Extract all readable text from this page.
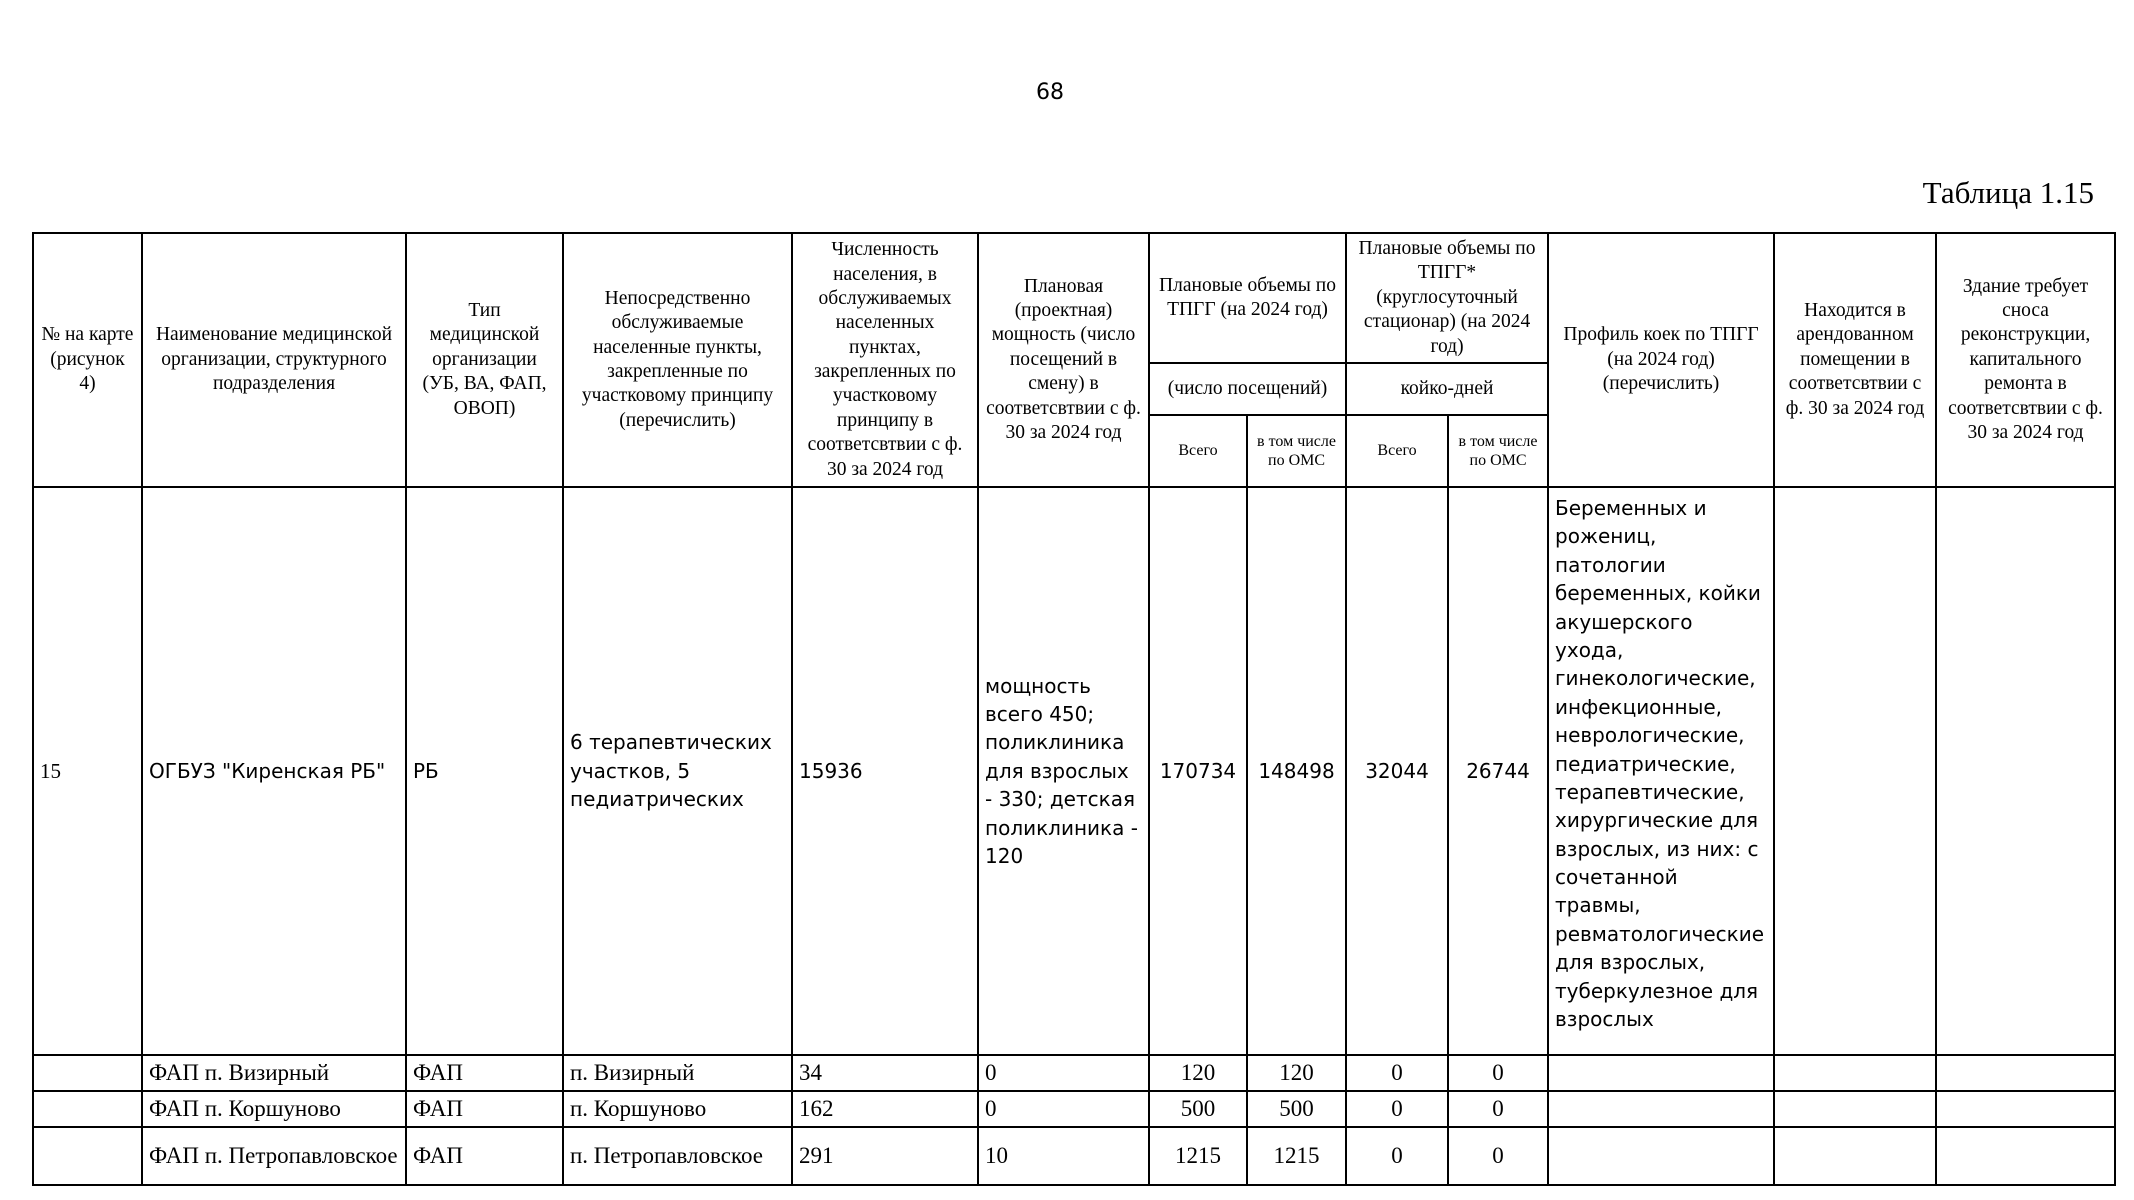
68
Таблица 1.15
№ на карте (рисунок 4)	Наименование медицинской организации, структурного подразделения	Тип медицинской организации (УБ, ВА, ФАП, ОВОП)	Непосредственно обслуживаемые населенные пункты, закрепленные по участковому принципу (перечислить)	Численность населения, в обслуживаемых населенных пунктах, закрепленных по участковому принципу в соответсвтвии с ф. 30 за 2024 год	Плановая (проектная) мощность (число посещений в смену) в соответсвтвии с ф. 30 за 2024 год	Плановые объемы по ТПГГ (на 2024 год)		Плановые объемы по ТПГГ* (круглосуточный стационар) (на 2024 год)		Профиль коек по ТПГГ (на 2024 год) (перечислить)	Находится в арендованном помещении в соответсвтвии с ф. 30 за 2024 год	Здание требует сноса реконструкции, капитального ремонта в соответсвтвии с ф. 30 за 2024 год
						(число посещений)		койко-дней				
						Всего	в том числе по ОМС	Всего	в том числе по ОМС			
15	ОГБУЗ "Киренская РБ"	РБ	6 терапевтических участков, 5 педиатрических	15936	мощность всего 450; поликлиника для взрослых - 330; детская поликлиника - 120	170734	148498	32044	26744	Беременных и рожениц, патологии беременных, койки акушерского ухода, гинекологические, инфекционные, неврологические, педиатрические, терапевтические, хирургические для взрослых, из них: с сочетанной травмы, ревматологические для взрослых, туберкулезное для взрослых		
	ФАП п. Визирный	ФАП	п. Визирный	34	0	120	120	0	0			
	ФАП п. Коршуново	ФАП	п. Коршуново	162	0	500	500	0	0			
	ФАП п. Петропавловское	ФАП	п. Петропавловское	291	10	1215	1215	0	0			
